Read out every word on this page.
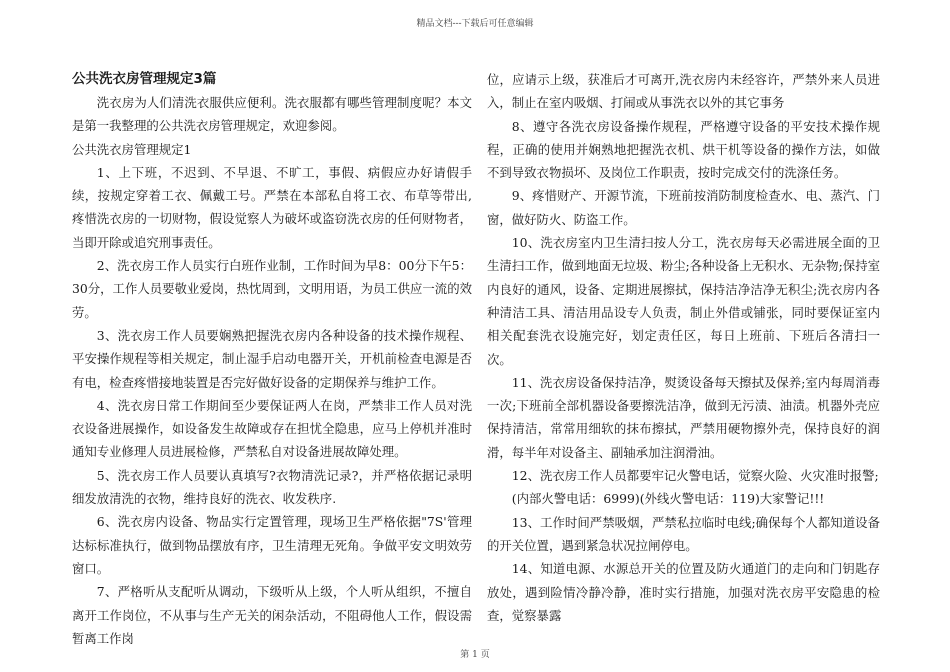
精品文档---下载后可任意编辑

公共洗衣房管理规定3篇

洗衣房为人们清洗衣服供应便利。洗衣服都有哪些管理制度呢？本文是第一我整理的公共洗衣房管理规定，欢迎参阅。

公共洗衣房管理规定1

1、上下班，不迟到、不早退、不旷工，事假、病假应办好请假手续，按规定穿着工衣、佩戴工号。严禁在本部私自将工衣、布草等带出,疼惜洗衣房的一切财物，假设觉察人为破坏或盗窃洗衣房的任何财物者，当即开除或追究刑事责任。

2、洗衣房工作人员实行白班作业制，工作时间为早8：00分下午5：30分，工作人员要敬业爱岗，热忱周到，文明用语，为员工供应一流的效劳。

3、洗衣房工作人员要娴熟把握洗衣房内各种设备的技术操作规程、平安操作规程等相关规定，制止湿手启动电器开关，开机前检查电源是否有电，检查疼惜接地装置是否完好做好设备的定期保养与维护工作。

4、洗衣房日常工作期间至少要保证两人在岗，严禁非工作人员对洗衣设备进展操作，如设备发生故障或存在担忧全隐患，应马上停机并准时通知专业修理人员进展检修，严禁私自对设备进展故障处理。

5、洗衣房工作人员要认真填写?衣物清洗记录?，并严格依据记录明细发放清洗的衣物，维持良好的洗衣、收发秩序.

6、洗衣房内设备、物品实行定置管理，现场卫生严格依据"7S'管理达标标准执行，做到物品摆放有序，卫生清理无死角。争做平安文明效劳窗口。

7、严格听从支配听从调动，下级听从上级，个人听从组织，不擅自离开工作岗位，不从事与生产无关的闲杂活动，不阻碍他人工作，假设需暂离工作岗

位，应请示上级，获准后才可离开,洗衣房内未经容许，严禁外来人员进入，制止在室内吸烟、打闹或从事洗衣以外的其它事务

8、遵守各洗衣房设备操作规程，严格遵守设备的平安技术操作规程，正确的使用并娴熟地把握洗衣机、烘干机等设备的操作方法，如做不到导致衣物损坏、及岗位工作职责，按时完成交付的洗涤任务。

9、疼惜财产、开源节流，下班前按消防制度检查水、电、蒸汽、门窗，做好防火、防盗工作。

10、洗衣房室内卫生清扫按人分工，洗衣房每天必需进展全面的卫生清扫工作，做到地面无垃圾、粉尘;各种设备上无积水、无杂物;保持室内良好的通风，设备、定期进展擦拭，保持洁净洁净无积尘;洗衣房内各种清洁工具、清洁用品设专人负责，制止外借或铺张，同时要保证室内相关配套洗衣设施完好，划定责任区，每日上班前、下班后各清扫一次。

11、洗衣房设备保持洁净，熨烫设备每天擦拭及保养;室内每周消毒一次;下班前全部机器设备要擦洗洁净，做到无污渍、油渍。机器外壳应保持清洁，常常用细软的抹布擦拭，严禁用硬物擦外壳，保持良好的润滑，每半年对设备主、副轴承加注润滑油。

12、洗衣房工作人员都要牢记火警电话，觉察火险、火灾准时报警;

(内部火警电话：6999)(外线火警电话：119)大家警记!!!

13、工作时间严禁吸烟，严禁私拉临时电线;确保每个人都知道设备的开关位置，遇到紧急状况拉闸停电。

14、知道电源、水源总开关的位置及防火通道门的走向和门钥匙存放处，遇到险情冷静冷静，准时实行措施，加强对洗衣房平安隐患的检查，觉察暴露

第 1 页
